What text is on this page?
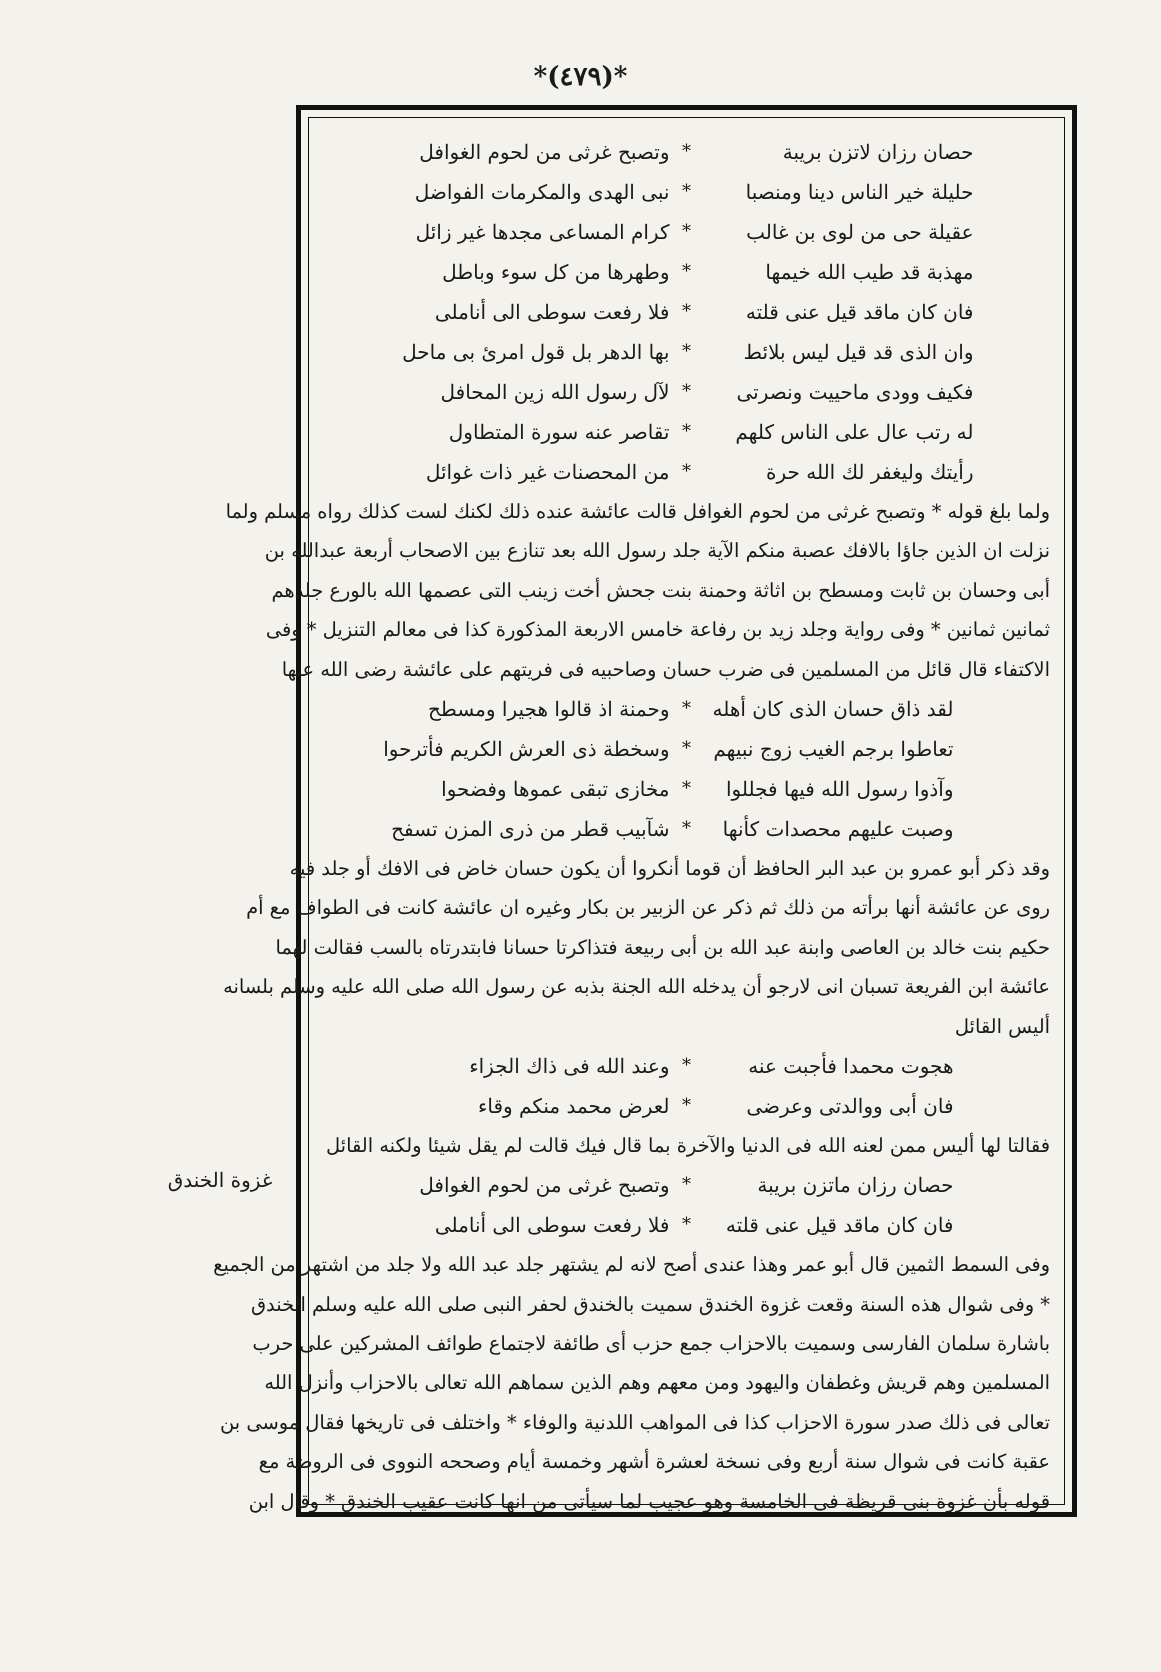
*(٤٧٩)*
غزوة الخندق
حصان رزان لاتزن بريبة
*
وتصبح غرثى من لحوم الغوافل
حليلة خير الناس دينا ومنصبا
*
نبى الهدى والمكرمات الفواضل
عقيلة حى من لوى بن غالب
*
كرام المساعى مجدها غير زائل
مهذبة قد طيب الله خيمها
*
وطهرها من كل سوء وباطل
فان كان ماقد قيل عنى قلته
*
فلا رفعت سوطى الى أناملى
وان الذى قد قيل ليس بلائط
*
بها الدهر بل قول امرئ بى ماحل
فكيف وودى ماحييت ونصرتى
*
لآل رسول الله زين المحافل
له رتب عال على الناس كلهم
*
تقاصر عنه سورة المتطاول
رأيتك وليغفر لك الله حرة
*
من المحصنات غير ذات غوائل
ولما بلغ قوله * وتصبح غرثى من لحوم الغوافل قالت عائشة عنده ذلك لكنك لست كذلك رواه مسلم ولما
نزلت ان الذين جاؤا بالافك عصبة منكم الآية جلد رسول الله بعد تنازع بين الاصحاب أربعة عبدالله بن
أبى وحسان بن ثابت ومسطح بن اثاثة وحمنة بنت جحش أخت زينب التى عصمها الله بالورع جلدهم
ثمانين ثمانين * وفى رواية وجلد زيد بن رفاعة خامس الاربعة المذكورة كذا فى معالم التنزيل * وفى
الاكتفاء قال قائل من المسلمين فى ضرب حسان وصاحبيه فى فريتهم على عائشة رضى الله عنها
لقد ذاق حسان الذى كان أهله
*
وحمنة اذ قالوا هجيرا ومسطح
تعاطوا برجم الغيب زوج نبيهم
*
وسخطة ذى العرش الكريم فأترحوا
وآذوا رسول الله فيها فجللوا
*
مخازى تبقى عموها وفضحوا
وصبت عليهم محصدات كأنها
*
شآبيب قطر من ذرى المزن تسفح
وقد ذكر أبو عمرو بن عبد البر الحافظ أن قوما أنكروا أن يكون حسان خاض فى الافك أو جلد فيه
روى عن عائشة أنها برأته من ذلك ثم ذكر عن الزبير بن بكار وغيره ان عائشة كانت فى الطواف مع أم
حكيم بنت خالد بن العاصى وابنة عبد الله بن أبى ربيعة فتذاكرتا حسانا فابتدرتاه بالسب فقالت لهما
عائشة ابن الفريعة تسبان انى لارجو أن يدخله الله الجنة بذبه عن رسول الله صلى الله عليه وسلم بلسانه
أليس القائل
هجوت محمدا فأجبت عنه
*
وعند الله فى ذاك الجزاء
فان أبى ووالدتى وعرضى
*
لعرض محمد منكم وقاء
فقالتا لها أليس ممن لعنه الله فى الدنيا والآخرة بما قال فيك قالت لم يقل شيئا ولكنه القائل
حصان رزان ماتزن بريبة
*
وتصبح غرثى من لحوم الغوافل
فان كان ماقد قيل عنى قلته
*
فلا رفعت سوطى الى أناملى
وفى السمط الثمين قال أبو عمر وهذا عندى أصح لانه لم يشتهر جلد عبد الله ولا جلد من اشتهر من الجميع
* وفى شوال هذه السنة وقعت غزوة الخندق سميت بالخندق لحفر النبى صلى الله عليه وسلم الخندق
باشارة سلمان الفارسى وسميت بالاحزاب جمع حزب أى طائفة لاجتماع طوائف المشركين على حرب
المسلمين وهم قريش وغطفان واليهود ومن معهم وهم الذين سماهم الله تعالى بالاحزاب وأنزل الله
تعالى فى ذلك صدر سورة الاحزاب كذا فى المواهب اللدنية والوفاء * واختلف فى تاريخها فقال موسى بن
عقبة كانت فى شوال سنة أربع وفى نسخة لعشرة أشهر وخمسة أيام وصححه النووى فى الروضة مع
قوله بأن غزوة بنى قريظة فى الخامسة وهو عجيب لما سيأتى من انها كانت عقيب الخندق * وقال ابن
